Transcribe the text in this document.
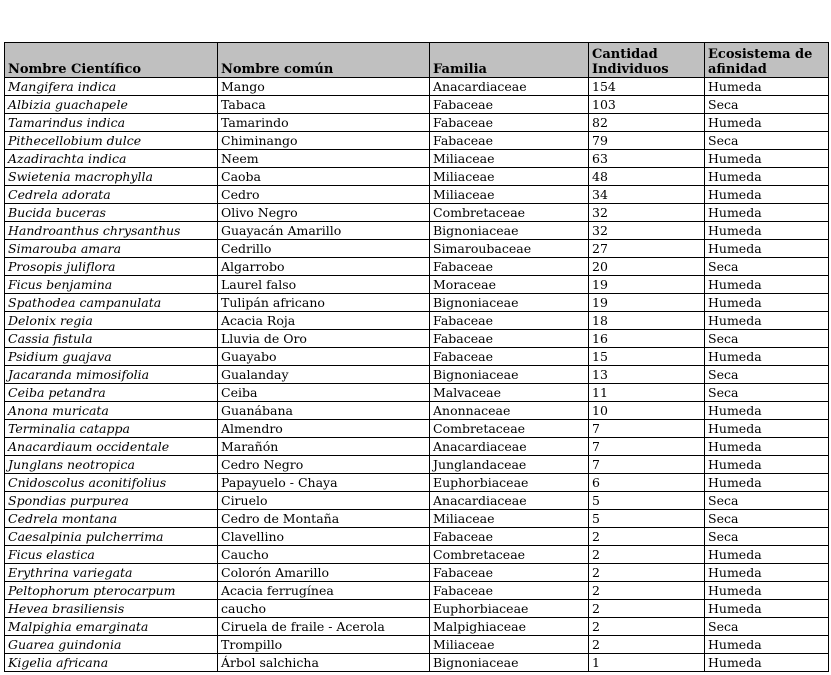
Nombre Científico	Nombre común	Familia	Cantidad Individuos	Ecosistema de afinidad
Mangifera indica	Mango	Anacardiaceae	154	Humeda
Albizia guachapele	Tabaca	Fabaceae	103	Seca
Tamarindus indica	Tamarindo	Fabaceae	82	Humeda
Pithecellobium dulce	Chiminango	Fabaceae	79	Seca
Azadirachta indica	Neem	Miliaceae	63	Humeda
Swietenia macrophylla	Caoba	Miliaceae	48	Humeda
Cedrela adorata	Cedro	Miliaceae	34	Humeda
Bucida buceras	Olivo Negro	Combretaceae	32	Humeda
Handroanthus chrysanthus	Guayacán Amarillo	Bignoniaceae	32	Humeda
Simarouba amara	Cedrillo	Simaroubaceae	27	Humeda
Prosopis juliflora	Algarrobo	Fabaceae	20	Seca
Ficus benjamina	Laurel falso	Moraceae	19	Humeda
Spathodea campanulata	Tulipán africano	Bignoniaceae	19	Humeda
Delonix regia	Acacia Roja	Fabaceae	18	Humeda
Cassia fistula	Lluvia de Oro	Fabaceae	16	Seca
Psidium guajava	Guayabo	Fabaceae	15	Humeda
Jacaranda mimosifolia	Gualanday	Bignoniaceae	13	Seca
Ceiba petandra	Ceiba	Malvaceae	11	Seca
Anona muricata	Guanábana	Anonnaceae	10	Humeda
Terminalia catappa	Almendro	Combretaceae	7	Humeda
Anacardiaum occidentale	Marañón	Anacardiaceae	7	Humeda
Junglans neotropica	Cedro Negro	Junglandaceae	7	Humeda
Cnidoscolus aconitifolius	Papayuelo - Chaya	Euphorbiaceae	6	Humeda
Spondias purpurea	Ciruelo	Anacardiaceae	5	Seca
Cedrela montana	Cedro de Montaña	Miliaceae	5	Seca
Caesalpinia pulcherrima	Clavellino	Fabaceae	2	Seca
Ficus elastica	Caucho	Combretaceae	2	Humeda
Erythrina variegata	Colorón Amarillo	Fabaceae	2	Humeda
Peltophorum pterocarpum	Acacia ferrugínea	Fabaceae	2	Humeda
Hevea brasiliensis	caucho	Euphorbiaceae	2	Humeda
Malpighia emarginata	Ciruela de fraile - Acerola	Malpighiaceae	2	Seca
Guarea guindonia	Trompillo	Miliaceae	2	Humeda
Kigelia africana	Árbol salchicha	Bignoniaceae	1	Humeda
